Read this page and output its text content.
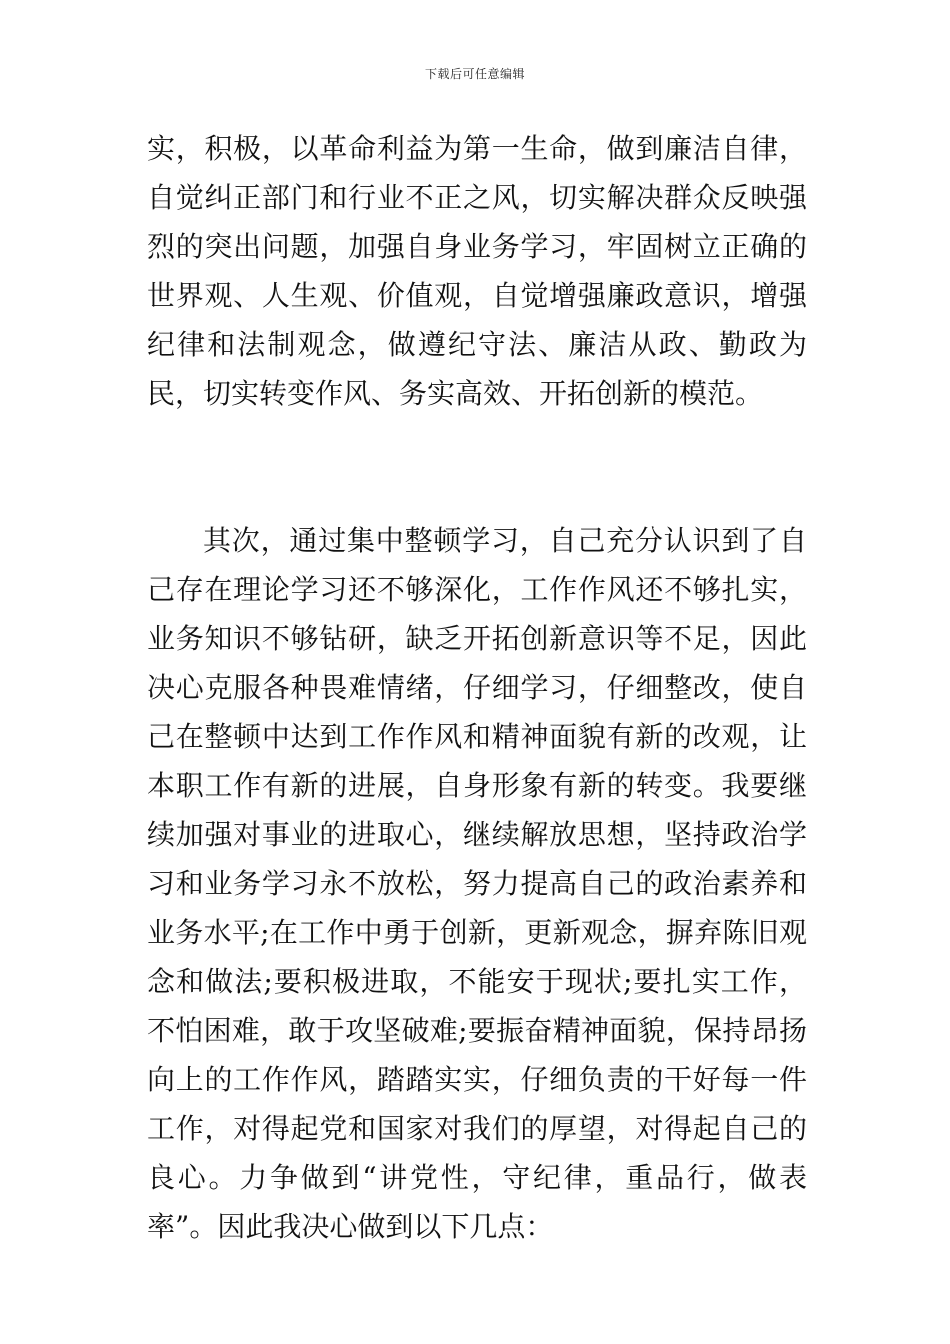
下载后可任意编辑

实，积极，以革命利益为第一生命，做到廉洁自律，自觉纠正部门和行业不正之风，切实解决群众反映强烈的突出问题，加强自身业务学习，牢固树立正确的世界观、人生观、价值观，自觉增强廉政意识，增强纪律和法制观念，做遵纪守法、廉洁从政、勤政为民，切实转变作风、务实高效、开拓创新的模范。

其次，通过集中整顿学习，自己充分认识到了自己存在理论学习还不够深化，工作作风还不够扎实，业务知识不够钻研，缺乏开拓创新意识等不足，因此决心克服各种畏难情绪，仔细学习，仔细整改，使自己在整顿中达到工作作风和精神面貌有新的改观，让本职工作有新的进展，自身形象有新的转变。我要继续加强对事业的进取心，继续解放思想，坚持政治学习和业务学习永不放松，努力提高自己的政治素养和业务水平;在工作中勇于创新，更新观念，摒弃陈旧观念和做法;要积极进取，不能安于现状;要扎实工作，不怕困难，敢于攻坚破难;要振奋精神面貌，保持昂扬向上的工作作风，踏踏实实，仔细负责的干好每一件工作，对得起党和国家对我们的厚望，对得起自己的良心。力争做到“讲党性，守纪律，重品行，做表率”。因此我决心做到以下几点：
